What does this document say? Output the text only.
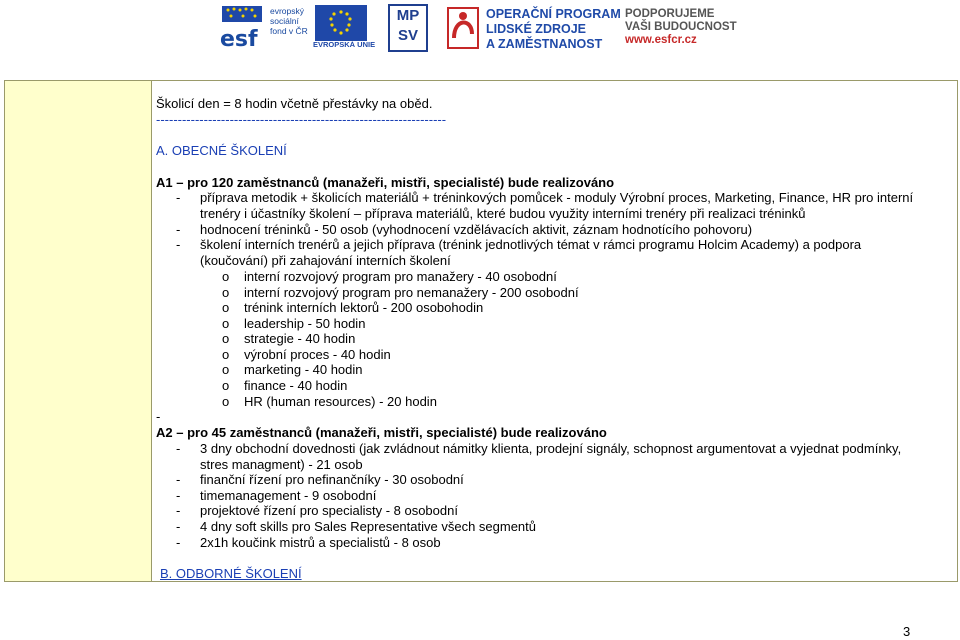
esf
evropský
sociální
fond v ČR
EVROPSKÁ UNIE
MP
SV
OPERAČNÍ PROGRAM
LIDSKÉ ZDROJE
A ZAMĚSTNANOST
PODPORUJEME
VAŠI BUDOUCNOST
www.esfcr.cz
Školicí den = 8 hodin včetně přestávky na oběd.
-------------------------------------------------------------------
A. OBECNÉ ŠKOLENÍ
A1 – pro 120 zaměstnanců (manažeři, mistři, specialisté) bude realizováno
- příprava metodik + školicích materiálů + tréninkových pomůcek - moduly Výrobní proces, Marketing, Finance, HR pro interní
trenéry i účastníky školení – příprava materiálů, které budou využity interními trenéry při realizaci tréninků
- hodnocení tréninků - 50 osob (vyhodnocení vzdělávacích aktivit, záznam hodnotícího pohovoru)
- školení interních trenérů a jejich příprava (trénink jednotlivých témat v rámci programu Holcim Academy) a podpora
(koučování) při zahajování interních školení
o interní rozvojový program pro manažery - 40 osobodní
o interní rozvojový program pro nemanažery - 200 osobodní
o trénink interních lektorů - 200 osobohodin
o leadership - 50 hodin
o strategie - 40 hodin
o výrobní proces - 40 hodin
o marketing - 40 hodin
o finance - 40 hodin
o HR (human resources) - 20 hodin
-
A2 – pro 45 zaměstnanců (manažeři, mistři, specialisté) bude realizováno
- 3 dny obchodní dovednosti (jak zvládnout námitky klienta, prodejní signály, schopnost argumentovat a vyjednat podmínky,
stres managment) - 21 osob
- finanční řízení pro nefinančníky - 30 osobodní
- timemanagement - 9 osobodní
- projektové řízení pro specialisty - 8 osobodní
- 4 dny soft skills pro Sales Representative všech segmentů
- 2x1h koučink mistrů a specialistů - 8 osob
B. ODBORNÉ ŠKOLENÍ
3
